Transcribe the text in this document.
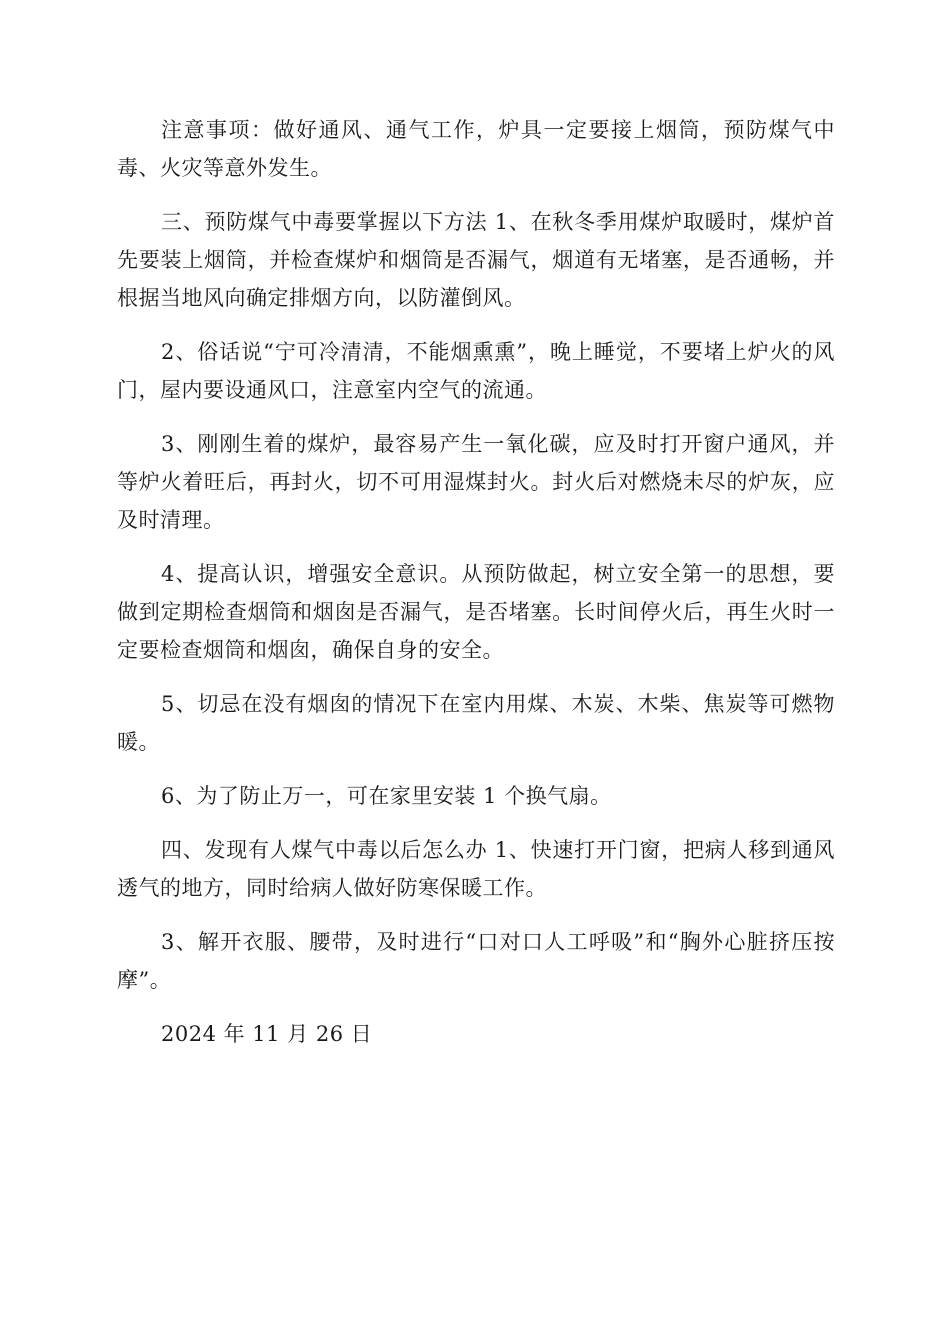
注意事项：做好通风、通气工作，炉具一定要接上烟筒，预防煤气中毒、火灾等意外发生。

三、预防煤气中毒要掌握以下方法 1、在秋冬季用煤炉取暖时，煤炉首先要装上烟筒，并检查煤炉和烟筒是否漏气，烟道有无堵塞，是否通畅，并根据当地风向确定排烟方向，以防灌倒风。

2、俗话说“宁可冷清清，不能烟熏熏”，晚上睡觉，不要堵上炉火的风门，屋内要设通风口，注意室内空气的流通。

3、刚刚生着的煤炉，最容易产生一氧化碳，应及时打开窗户通风，并等炉火着旺后，再封火，切不可用湿煤封火。封火后对燃烧未尽的炉灰，应及时清理。

4、提高认识，增强安全意识。从预防做起，树立安全第一的思想，要做到定期检查烟筒和烟囱是否漏气，是否堵塞。长时间停火后，再生火时一定要检查烟筒和烟囱，确保自身的安全。

5、切忌在没有烟囱的情况下在室内用煤、木炭、木柴、焦炭等可燃物暖。

6、为了防止万一，可在家里安装 1 个换气扇。

四、发现有人煤气中毒以后怎么办 1、快速打开门窗，把病人移到通风透气的地方，同时给病人做好防寒保暖工作。

3、解开衣服、腰带，及时进行“口对口人工呼吸”和“胸外心脏挤压按摩”。

2024 年 11 月 26 日
